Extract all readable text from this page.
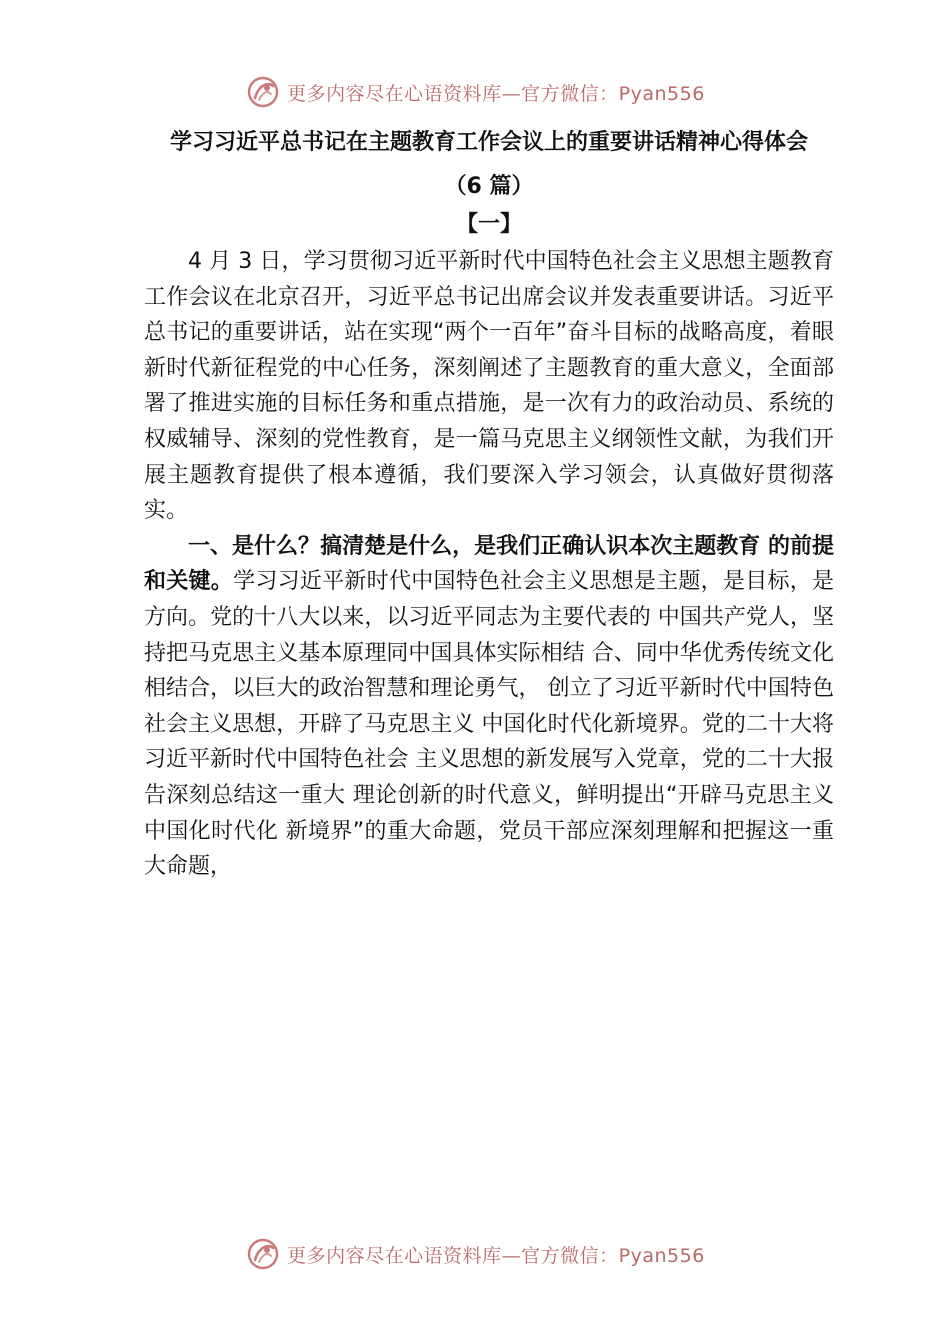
更多内容尽在心语资料库—官方微信：Pyan556
学习习近平总书记在主题教育工作会议上的重要讲话精神心得体会

（6 篇）

【一】

4 月 3 日，学习贯彻习近平新时代中国特色社会主义思想主题教育工作会议在北京召开，习近平总书记出席会议并发表重要讲话。习近平总书记的重要讲话，站在实现“两个一百年”奋斗目标的战略高度，着眼新时代新征程党的中心任务，深刻阐述了主题教育的重大意义，全面部署了推进实施的目标任务和重点措施，是一次有力的政治动员、系统的权威辅导、深刻的党性教育，是一篇马克思主义纲领性文献，为我们开展主题教育提供了根本遵循，我们要深入学习领会，认真做好贯彻落实。

一、是什么？搞清楚是什么，是我们正确认识本次主题教育 的前提和关键。学习习近平新时代中国特色社会主义思想是主题，是目标，是方向。党的十八大以来，以习近平同志为主要代表的 中国共产党人，坚持把马克思主义基本原理同中国具体实际相结 合、同中华优秀传统文化相结合，以巨大的政治智慧和理论勇气， 创立了习近平新时代中国特色社会主义思想，开辟了马克思主义 中国化时代化新境界。党的二十大将习近平新时代中国特色社会 主义思想的新发展写入党章，党的二十大报告深刻总结这一重大 理论创新的时代意义，鲜明提出“开辟马克思主义中国化时代化 新境界”的重大命题，党员干部应深刻理解和把握这一重大命题，

更多内容尽在心语资料库—官方微信：Pyan556
